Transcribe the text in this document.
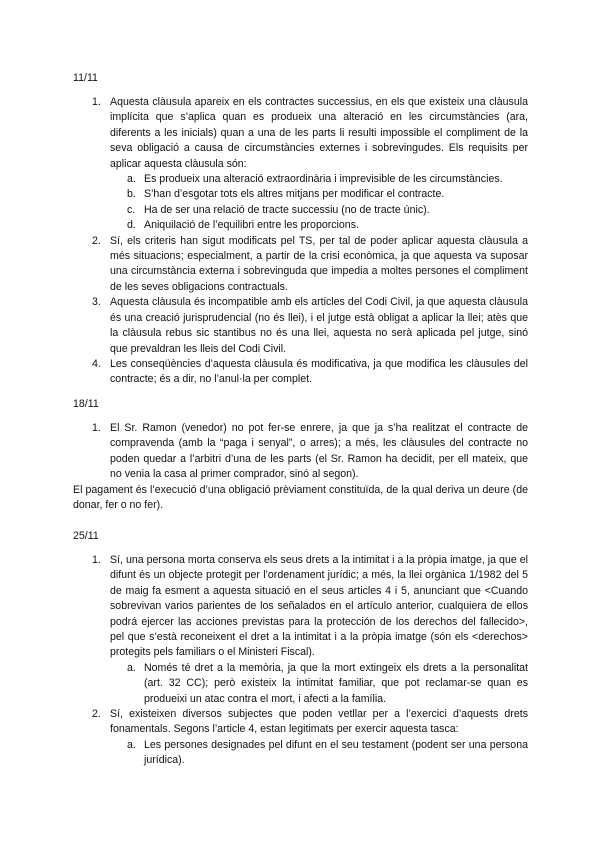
11/11
1. Aquesta clàusula apareix en els contractes successius, en els que existeix una clàusula implícita que s’aplica quan es produeix una alteració en les circumstàncies (ara, diferents a les inicials) quan a una de les parts li resulti impossible el compliment de la seva obligació a causa de circumstàncies externes i sobrevingudes. Els requisits per aplicar aquesta clàusula són:
a. Es produeix una alteració extraordinària i imprevisible de les circumstàncies.
b. S’han d’esgotar tots els altres mitjans per modificar el contracte.
c. Ha de ser una relació de tracte successiu (no de tracte únic).
d. Aniquilació de l’equilibri entre les proporcions.
2. Sí, els criteris han sigut modificats pel TS, per tal de poder aplicar aquesta clàusula a més situacions; especialment, a partir de la crisi econòmica, ja que aquesta va suposar una circumstància externa i sobrevinguda que impedia a moltes persones el compliment de les seves obligacions contractuals.
3. Aquesta clàusula és incompatible amb els articles del Codi Civil, ja que aquesta clàusula és una creació jurisprudencial (no és llei), i el jutge està obligat a aplicar la llei; atès que la clàusula rebus sic stantibus no és una llei, aquesta no serà aplicada pel jutge, sinó que prevaldran les lleis del Codi Civil.
4. Les conseqüències d’aquesta clàusula és modificativa, ja que modifica les clàusules del contracte; és a dir, no l’anul·la per complet.
18/11
1. El Sr. Ramon (venedor) no pot fer-se enrere, ja que ja s’ha realitzat el contracte de compravenda (amb la “paga i senyal”, o arres); a més, les clàusules del contracte no poden quedar a l’arbitri d’una de les parts (el Sr. Ramon ha decidit, per ell mateix, que no venia la casa al primer comprador, sinó al segon).
El pagament és l’execució d’una obligació prèviament constituïda, de la qual deriva un deure (de donar, fer o no fer).
25/11
1. Sí, una persona morta conserva els seus drets a la intimitat i a la pròpia imatge, ja que el difunt és un objecte protegit per l’ordenament jurídic; a més, la llei orgànica 1/1982 del 5 de maig fa esment a aquesta situació en el seus articles 4 i 5, anunciant que <Cuando sobrevivan varios parientes de los señalados en el artículo anterior, cualquiera de ellos podrá ejercer las acciones previstas para la protección de los derechos del fallecido>, pel que s’està reconeixent el dret a la intimitat i a la pròpia imatge (són els <derechos> protegits pels familiars o el Ministeri Fiscal).
a. Només té dret a la memòria, ja que la mort extingeix els drets a la personalitat (art. 32 CC); però existeix la intimitat familiar, que pot reclamar-se quan es produeixi un atac contra el mort, i afecti a la família.
2. Sí, existeixen diversos subjectes que poden vetllar per a l’exercici d’aquests drets fonamentals. Segons l’article 4, estan legitimats per exercir aquesta tasca:
a. Les persones designades pel difunt en el seu testament (podent ser una persona jurídica).
